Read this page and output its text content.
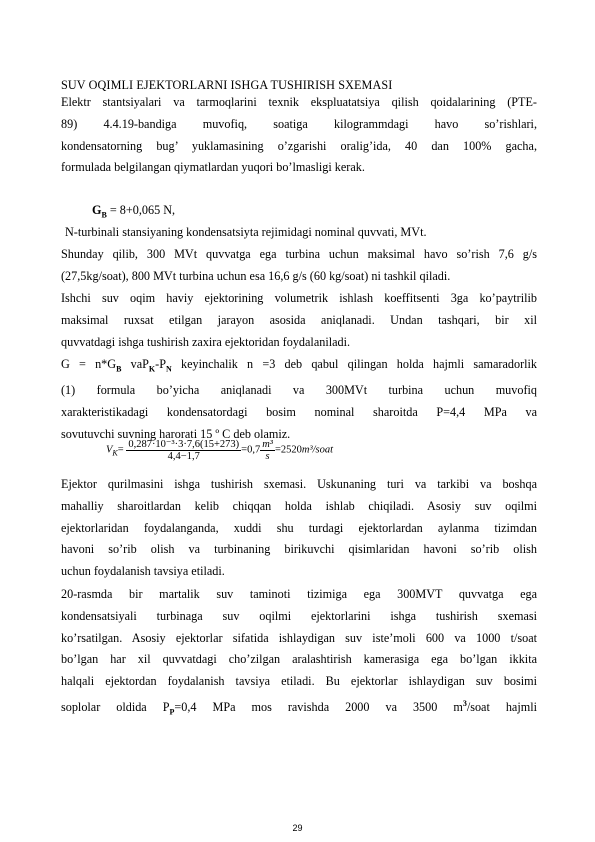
SUV OQIMLI EJEKTORLARNI ISHGA TUSHIRISH SXEMASI
Elektr stantsiyalari va tarmoqlarini texnik ekspluatatsiya qilish qoidalarining (PTE-
89) 4.4.19-bandiga muvofiq, soatiga kilogrammdagi havo so’rishlari,
kondensatorning bug’ yuklamasining o’zgarishi oralig’ida, 40 dan 100% gacha,
formulada belgilangan qiymatlardan yuqori bo’lmasligi kerak.
$G_B = 8+0,065$ N,
N-turbinali stansiyaning kondensatsiyta rejimidagi nominal quvvati, MVt.
Shunday qilib, 300 MVt quvvatga ega turbina uchun maksimal havo so’rish 7,6 g/s
(27,5kg/soat), 800 MVt turbina uchun esa 16,6 g/s (60 kg/soat) ni tashkil qiladi.
Ishchi suv oqim haviy ejektorining volumetrik ishlash koeffitsenti 3ga ko’paytrilib
maksimal ruxsat etilgan jarayon asosida aniqlanadi. Undan tashqari, bir xil
quvvatdagi ishga tushirish zaxira ejektoridan foydalaniladi.
$G = n*G_B$ $vaP_K-P_N$ keyinchalik n =3 deb qabul qilingan holda hajmli samaradorlik
(1) formula bo’yicha aniqlanadi va 300MVt turbina uchun muvofiq
xarakteristikadagi kondensatordagi bosim nominal sharoitda P=4,4 MPa va
sovutuvchi suvning harorati 15 º C deb olamiz.
$V_K= \frac{\text{0,287·10⁻³·3·7,6(15+273)}}{4,4-1,7} =0,7 \frac{\text{m³}}{s}$ =2520m³/soat
Ejektor qurilmasini ishga tushirish sxemasi. Uskunaning turi va tarkibi va boshqa
mahalliy sharoitlardan kelib chiqqan holda ishlab chiqiladi. Asosiy suv oqilmi
ejektorlaridan foydalanganda, xuddi shu turdagi ejektorlardan aylanma tizimdan
havoni so’rib olish va turbinaning birikuvchi qisimlaridan havoni so’rib olish
uchun foydalanish tavsiya etiladi.
20-rasmda bir martalik suv taminoti tizimiga ega 300MVT quvvatga ega
kondensatsiyali turbinaga suv oqilmi ejektorlarini ishga tushirish sxemasi
ko’rsatilgan. Asosiy ejektorlar sifatida ishlaydigan suv iste’moli 600 va 1000 t/soat
bo’lgan har xil quvvatdagi cho’zilgan aralashtirish kamerasiga ega bo’lgan ikkita
halqali ejektordan foydalanish tavsiya etiladi. Bu ejektorlar ishlaydigan suv bosimi
soplolar oldida $P_P=0,4$ MPa mos ravishda 2000 va 3500 $m^3$/soat hajmli
29
